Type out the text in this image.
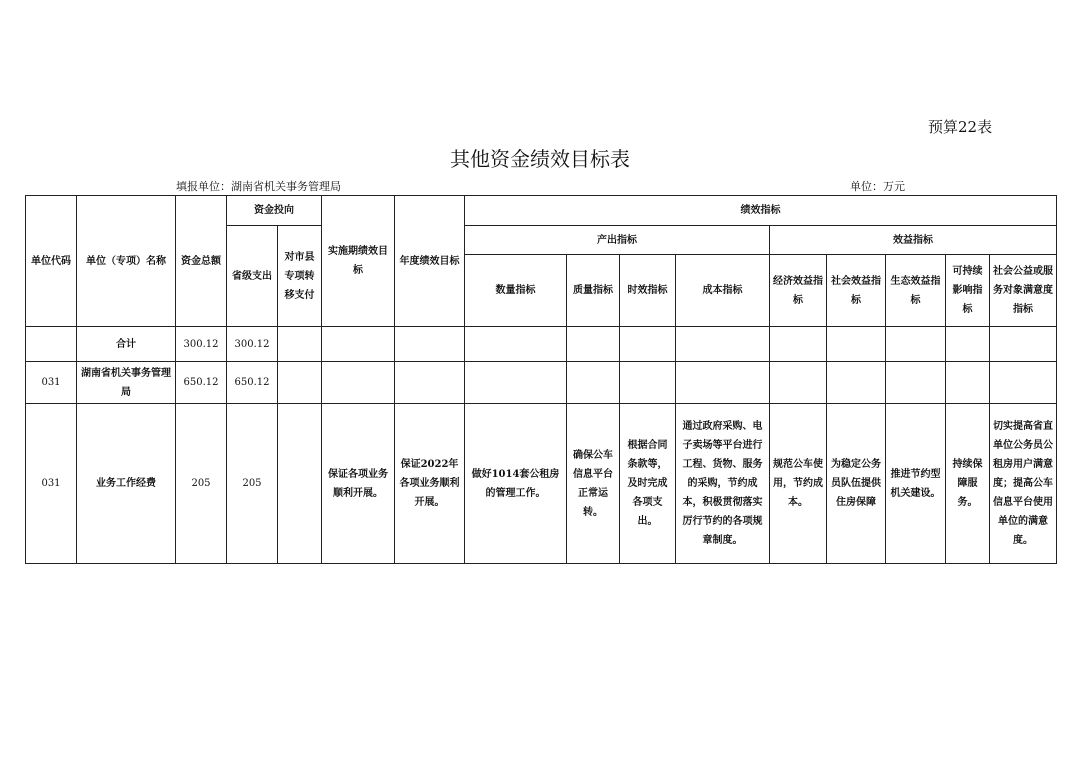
预算22表
其他资金绩效目标表
填报单位：湖南省机关事务管理局	单位：万元
单位代码	单位（专项）名称	资金总额	资金投向		实施期绩效目标	年度绩效目标	绩效指标								
			省级支出	对市县专项转移支付			产出指标				效益指标				
							数量指标	质量指标	时效指标	成本指标	经济效益指标	社会效益指标	生态效益指标	可持续影响指标	社会公益或服务对象满意度指标
	合计	300.12	300.12												
031	湖南省机关事务管理局	650.12	650.12												
031	业务工作经费	205	205		保证各项业务顺利开展。	保证2022年各项业务顺利开展。	做好1014套公租房的管理工作。	确保公车信息平台正常运转。	根据合同条款等，及时完成各项支出。	通过政府采购、电子卖场等平台进行工程、货物、服务的采购，节约成本，积极贯彻落实厉行节约的各项规章制度。	规范公车使用，节约成本。	为稳定公务员队伍提供住房保障	推进节约型机关建设。	持续保障服务。	切实提高省直单位公务员公租房用户满意度；提高公车信息平台使用单位的满意度。
